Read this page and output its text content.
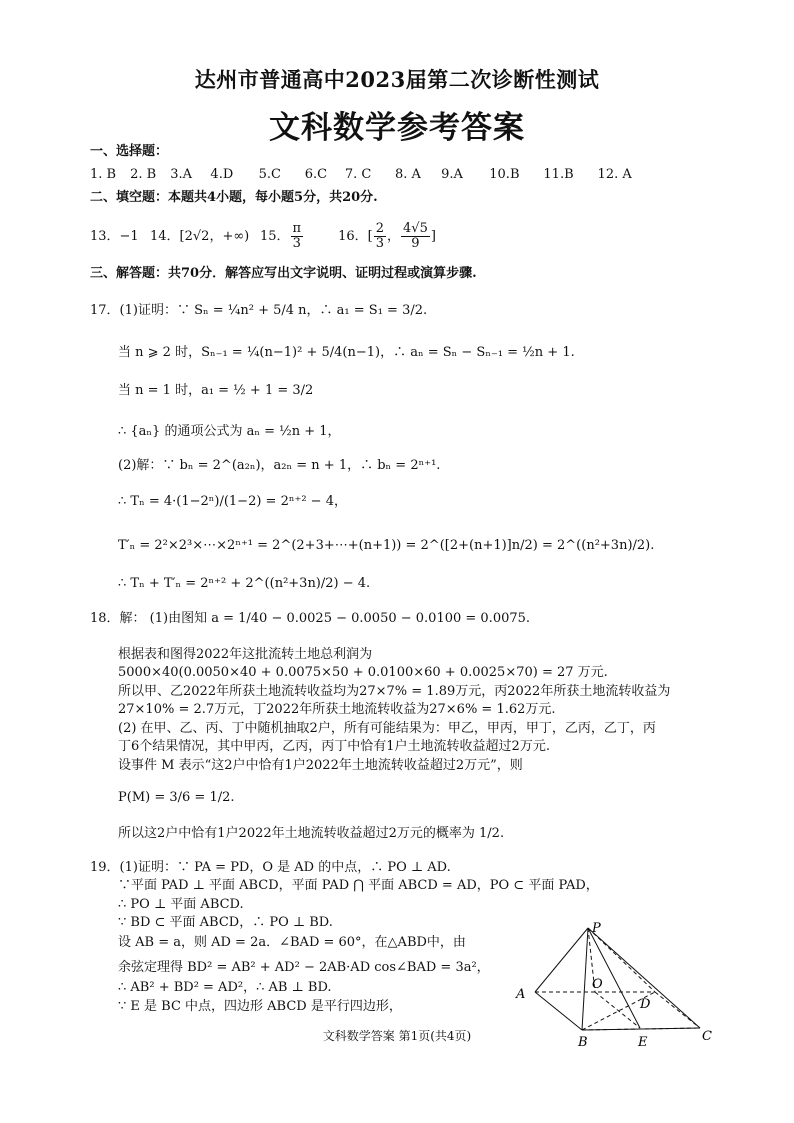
达州市普通高中2023届第二次诊断性测试
文科数学参考答案
一、选择题：
1. B 2. B 3.A 4.D 5.C 6.C 7. C 8. A 9.A 10.B 11.B 12. A
二、填空题：本题共4小题，每小题5分，共20分.
13．−1 14．[2√2，+∞) 15． $\frac{\pi}{3}$	16．[ $\frac{2}{3}$ ， $\frac{4√5}{9}$ ]
三、解答题：共70分．解答应写出文字说明、证明过程或演算步骤.
17．(1)证明：∵ Sₙ = ¼n² + 5/4 n，∴ a₁ = S₁ = 3/2.
当 n ⩾ 2 时，Sₙ₋₁ = ¼(n−1)² + 5/4(n−1)，∴ aₙ = Sₙ − Sₙ₋₁ = ½n + 1.
当 n = 1 时，a₁ = ½ + 1 = 3/2
∴ {aₙ} 的通项公式为 aₙ = ½n + 1，
(2)解：∵ bₙ = 2^(a₂ₙ)，a₂ₙ = n + 1，∴ bₙ = 2ⁿ⁺¹.
∴ Tₙ = 4·(1−2ⁿ)/(1−2) = 2ⁿ⁺² − 4，
T′ₙ = 2²×2³×⋯×2ⁿ⁺¹ = 2^(2+3+⋯+(n+1)) = 2^([2+(n+1)]n/2) = 2^((n²+3n)/2).
∴ Tₙ + T′ₙ = 2ⁿ⁺² + 2^((n²+3n)/2) − 4.
18．解： (1)由图知 a = 1/40 − 0.0025 − 0.0050 − 0.0100 = 0.0075.
根据表和图得2022年这批流转土地总利润为
5000×40(0.0050×40 + 0.0075×50 + 0.0100×60 + 0.0025×70) = 27 万元.
所以甲、乙2022年所获土地流转收益均为27×7% = 1.89万元，丙2022年所获土地流转收益为
27×10% = 2.7万元，丁2022年所获土地流转收益为27×6% = 1.62万元.
(2) 在甲、乙、丙、丁中随机抽取2户，所有可能结果为：甲乙，甲丙，甲丁，乙丙，乙丁，丙
丁6个结果情况，其中甲丙，乙丙，丙丁中恰有1户土地流转收益超过2万元.
设事件 M 表示“这2户中恰有1户2022年土地流转收益超过2万元”，则
P(M) = 3/6 = 1/2.
所以这2户中恰有1户2022年土地流转收益超过2万元的概率为 1/2.
19．(1)证明：∵ PA = PD，O 是 AD 的中点，∴ PO ⊥ AD.
∵平面 PAD ⊥ 平面 ABCD，平面 PAD ⋂ 平面 ABCD = AD，PO ⊂ 平面 PAD，
∴ PO ⊥ 平面 ABCD.
∵ BD ⊂ 平面 ABCD，∴ PO ⊥ BD.
设 AB = a，则 AD = 2a．∠BAD = 60°，在△ABD中，由
余弦定理得 BD² = AB² + AD² − 2AB·AD cos∠BAD = 3a²，
∴ AB² + BD² = AD²，∴ AB ⊥ BD.
∵ E 是 BC 中点，四边形 ABCD 是平行四边形，
P
A
O
D
B	E	C
文科数学答案 第1页(共4页)
